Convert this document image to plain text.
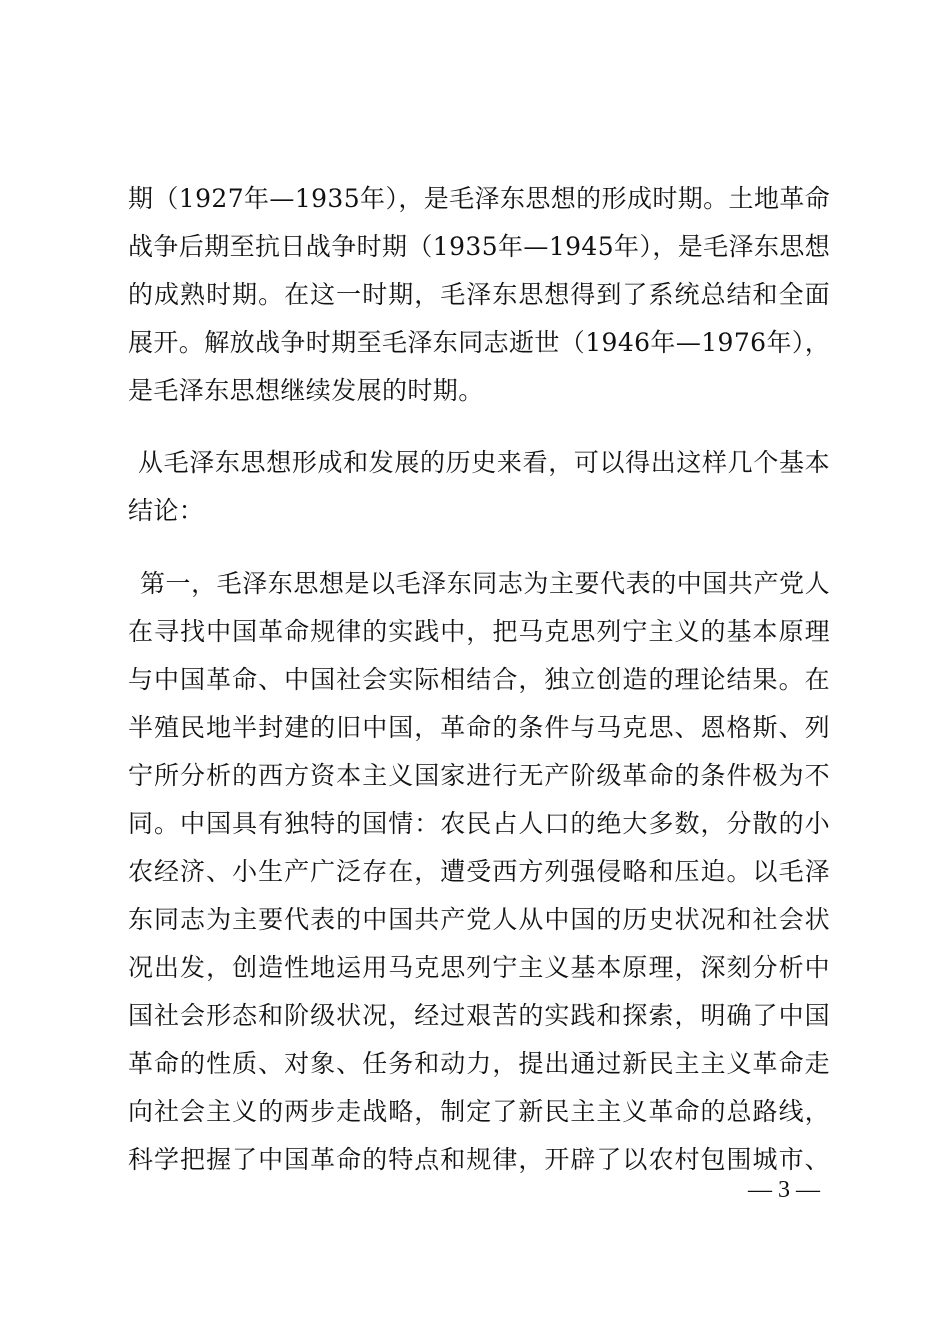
期（1927年—1935年），是毛泽东思想的形成时期。土地革命
战争后期至抗日战争时期（1935年—1945年），是毛泽东思想
的成熟时期。在这一时期，毛泽东思想得到了系统总结和全面
展开。解放战争时期至毛泽东同志逝世（1946年—1976年），
是毛泽东思想继续发展的时期。
从毛泽东思想形成和发展的历史来看，可以得出这样几个基本
结论：
第一，毛泽东思想是以毛泽东同志为主要代表的中国共产党人
在寻找中国革命规律的实践中，把马克思列宁主义的基本原理
与中国革命、中国社会实际相结合，独立创造的理论结果。在
半殖民地半封建的旧中国，革命的条件与马克思、恩格斯、列
宁所分析的西方资本主义国家进行无产阶级革命的条件极为不
同。中国具有独特的国情：农民占人口的绝大多数，分散的小
农经济、小生产广泛存在，遭受西方列强侵略和压迫。以毛泽
东同志为主要代表的中国共产党人从中国的历史状况和社会状
况出发，创造性地运用马克思列宁主义基本原理，深刻分析中
国社会形态和阶级状况，经过艰苦的实践和探索，明确了中国
革命的性质、对象、任务和动力，提出通过新民主主义革命走
向社会主义的两步走战略，制定了新民主主义革命的总路线，
科学把握了中国革命的特点和规律，开辟了以农村包围城市、
— 3 —
